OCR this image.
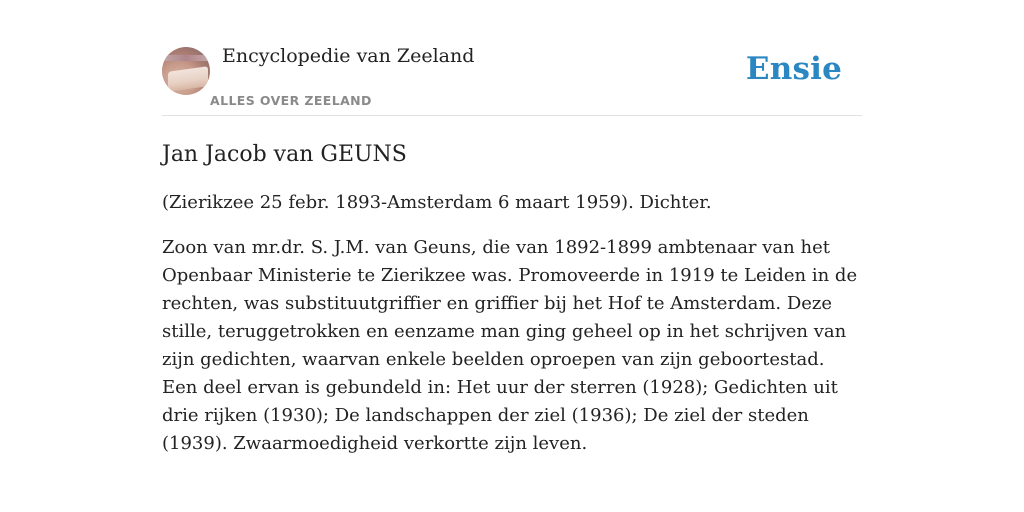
Encyclopedie van Zeeland
ALLES OVER ZEELAND
Ensie
Jan Jacob van GEUNS

(Zierikzee 25 febr. 1893-Amsterdam 6 maart 1959). Dichter.

Zoon van mr.dr. S. J.M. van Geuns, die van 1892-1899 ambtenaar van het Openbaar Ministerie te Zierikzee was. Promoveerde in 1919 te Leiden in de rechten, was substituutgriffier en griffier bij het Hof te Amsterdam. Deze stille, teruggetrokken en eenzame man ging geheel op in het schrijven van zijn gedichten, waarvan enkele beelden oproepen van zijn geboortestad. Een deel ervan is gebundeld in: Het uur der sterren (1928); Gedichten uit drie rijken (1930); De landschappen der ziel (1936); De ziel der steden (1939). Zwaarmoedigheid verkortte zijn leven.
